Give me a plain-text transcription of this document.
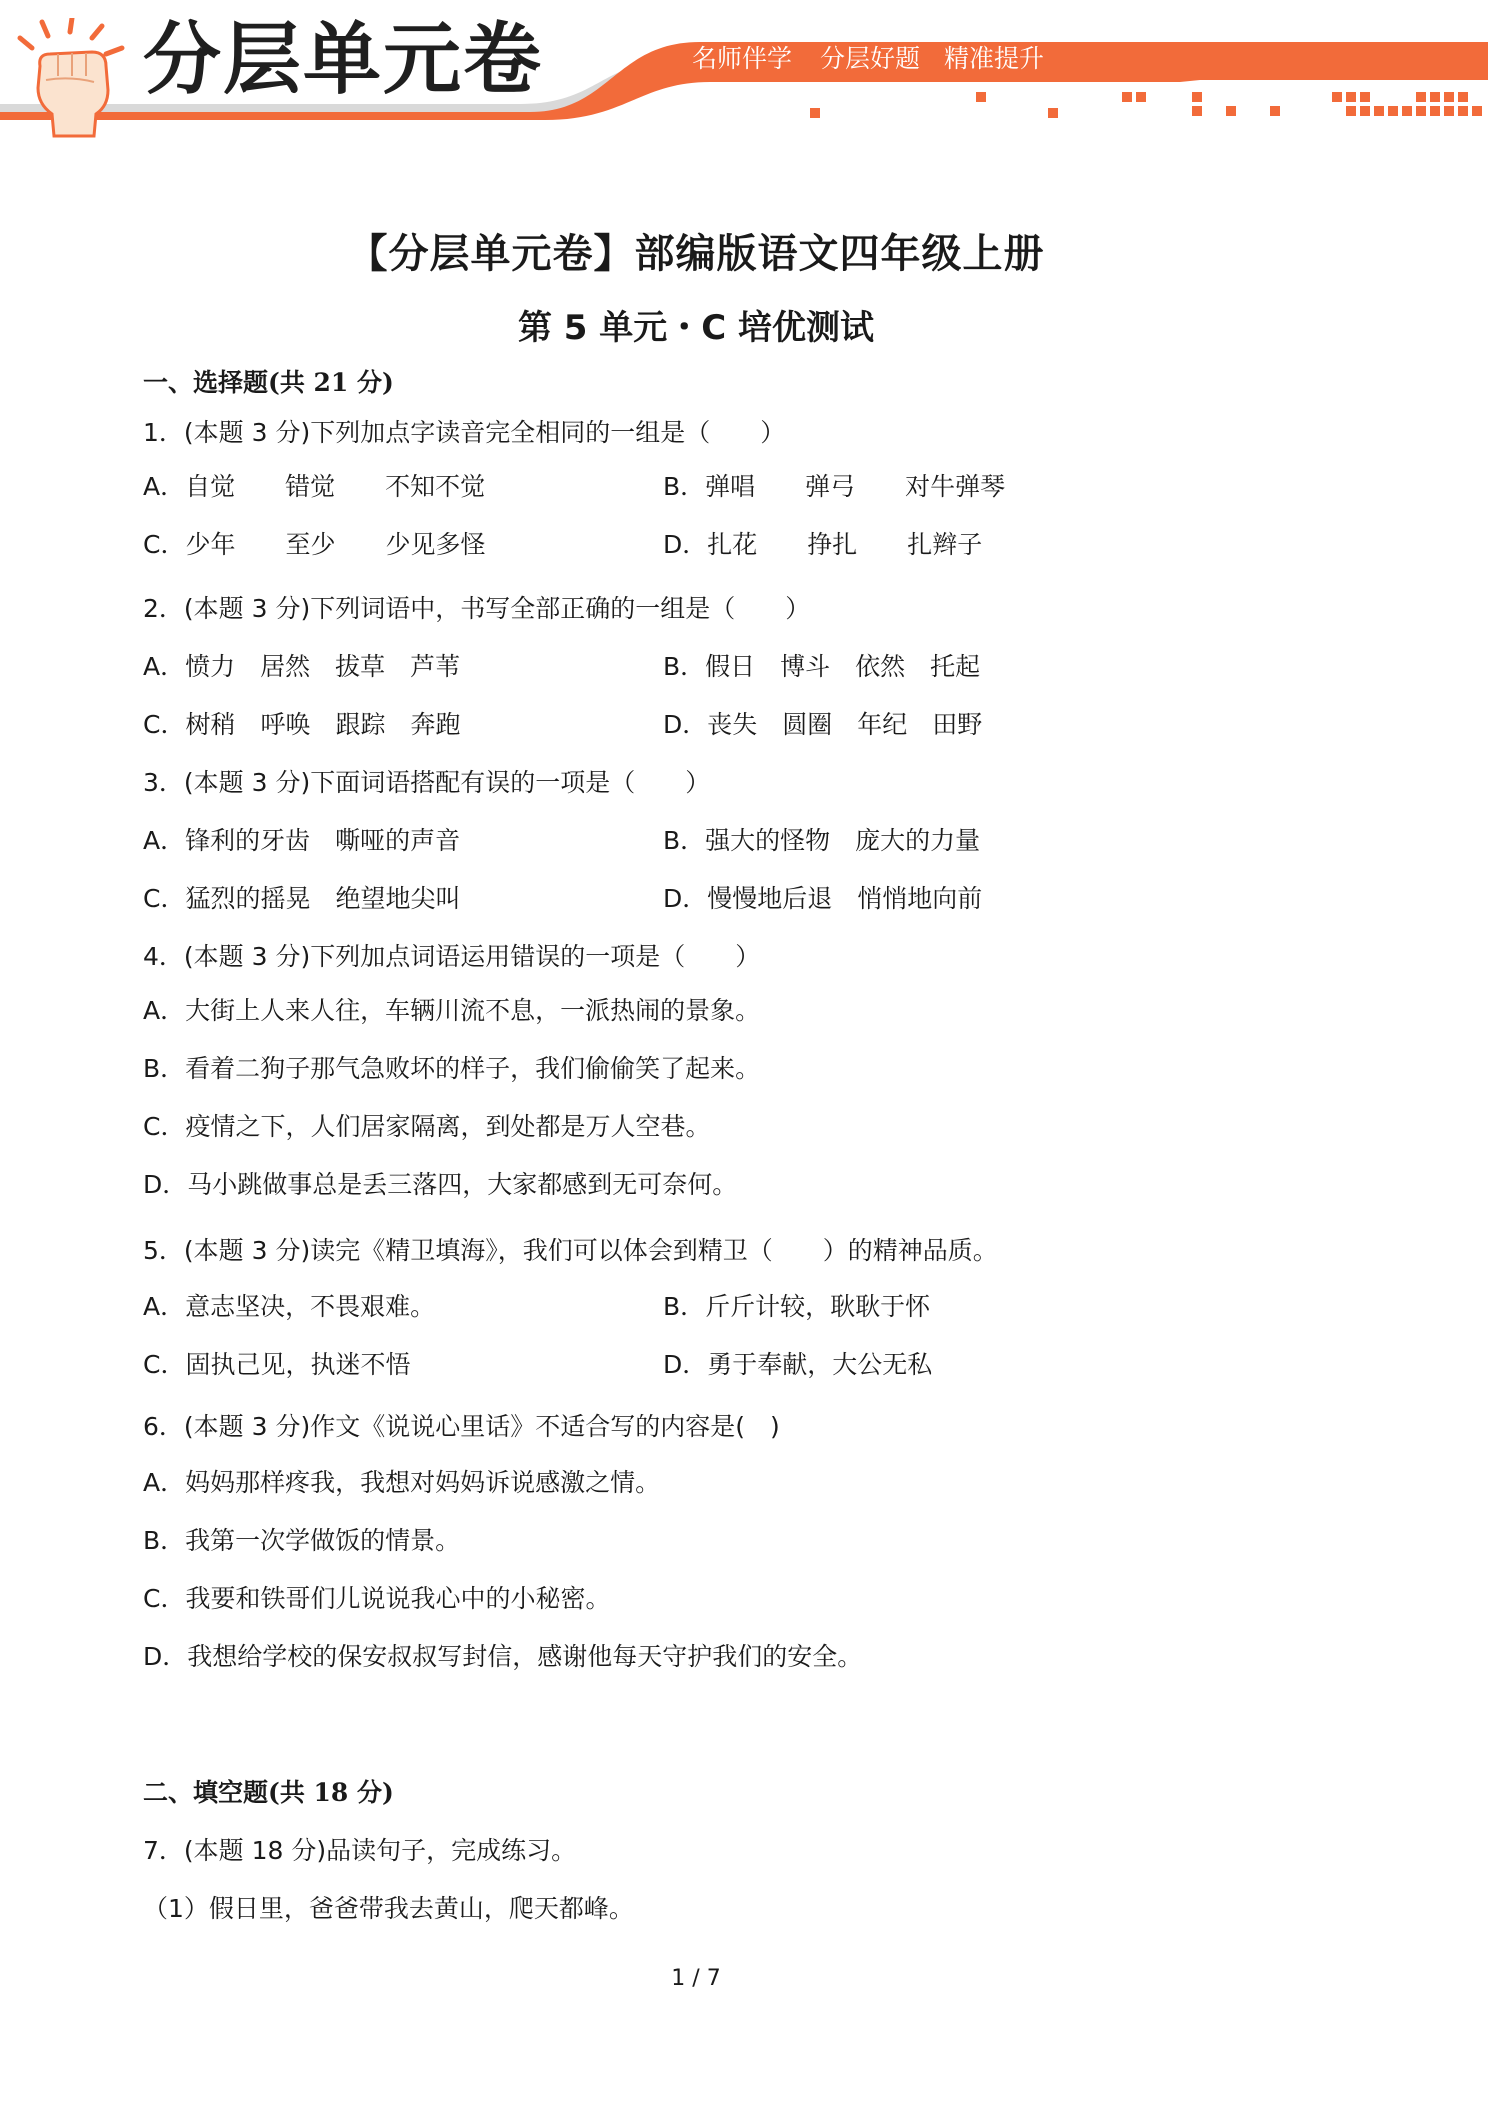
分层单元卷	名师伴学 分层好题 精准提升
【分层单元卷】部编版语文四年级上册
第 5 单元・C 培优测试
一、选择题(共 21 分)
1．(本题 3 分)下列加点字读音完全相同的一组是（　　）
A．自觉　　错觉　　不知不觉	B．弹唱　　弹弓　　对牛弹琴
C．少年　　至少　　少见多怪	D．扎花　　挣扎　　扎辫子
2．(本题 3 分)下列词语中，书写全部正确的一组是（　　）
A．愤力　居然　拔草　芦苇	B．假日　博斗　依然　托起
C．树稍　呼唤　跟踪　奔跑	D．丧失　圆圈　年纪　田野
3．(本题 3 分)下面词语搭配有误的一项是（　　）
A．锋利的牙齿　嘶哑的声音	B．强大的怪物　庞大的力量
C．猛烈的摇晃　绝望地尖叫	D．慢慢地后退　悄悄地向前
4．(本题 3 分)下列加点词语运用错误的一项是（　　）
A．大街上人来人往，车辆川流不息，一派热闹的景象。
B．看着二狗子那气急败坏的样子，我们偷偷笑了起来。
C．疫情之下，人们居家隔离，到处都是万人空巷。
D．马小跳做事总是丢三落四，大家都感到无可奈何。
5．(本题 3 分)读完《精卫填海》，我们可以体会到精卫（　　）的精神品质。
A．意志坚决，不畏艰难。	B．斤斤计较，耿耿于怀
C．固执己见，执迷不悟	D．勇于奉献，大公无私
6．(本题 3 分)作文《说说心里话》不适合写的内容是(　)
A．妈妈那样疼我，我想对妈妈诉说感激之情。
B．我第一次学做饭的情景。
C．我要和铁哥们儿说说我心中的小秘密。
D．我想给学校的保安叔叔写封信，感谢他每天守护我们的安全。
二、填空题(共 18 分)
7．(本题 18 分)品读句子，完成练习。
（1）假日里，爸爸带我去黄山，爬天都峰。
1 / 7
